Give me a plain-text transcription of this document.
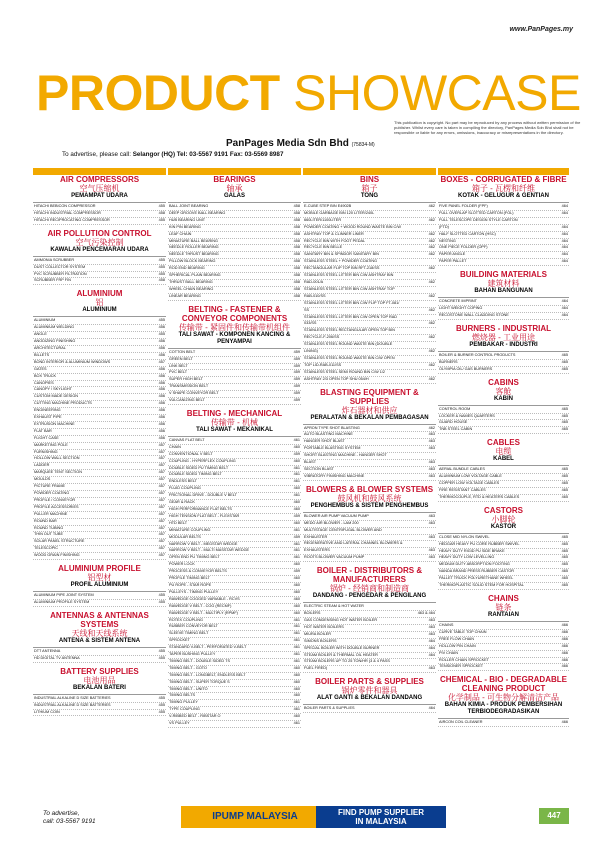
www.PanPages.my
PRODUCT SHOWCASE
PanPages Media Sdn Bhd (75834-M)
To advertise, please call: Selangor (HQ) Tel: 03-5567 9191 Fax: 03-5569 8987
This publication is copyright. No part may be reproduced by any process without written permission of the publisher. Whilst every care is taken in compiling the directory, PanPages Media Sdn Bhd shall not be responsible or liable for any errors, omissions, inaccuracy or misrepresentations in the directory.
AIR COMPRESSORS
空气压缩机
PEMAMPAT UDARA
HITACHI BEBICON COMPRESSOR	455
HITACHI INDUSTRIAL COMPRESSOR	458
HITACHI RECIPROCATING COMPRESSOR	455
AIR POLLUTION CONTROL
空气污染控制
KAWALAN PENCEMARAN UDARA
AMMONIA SCRUBBER	455
DUST COLLECTOR SYSTEM	455
PVC SCRUBBER FILTRATION	455
SCRUBBER FRP FIN	458
ALUMINIUM
铝
ALUMINIUM
ALUMINIUM	455
ALUMINIUM WELDING	456
ANGLE	455
ANODIZING FINISHING	456
ARCHITECTURAL	456
BILLETS	456
BOND INTERIOR & ALUMINIUM WINDOWS	457
GATES	456
BOX TRUCK	456
CANOPIES	456
CANOPY / SKYLIGHT	456
CUSTOM MADE DESIGN	456
CUTTING MACHINE PRODUCTS	456
ENGINEERING	456
EXHAUST PIPE	456
EXTRUSION MACHINE	456
FLAT BAR	456
FLIGHT CASE	456
MARKETING POLE	457
FURNISHING	457
HOLLOW WALL SECTION	457
LADDER	457
MARQUEE TENT SECTION	457
MOULDS	457
PICTURE FRAME	457
POWDER COATING	457
PROFILE / CONVEYOR	457
PROFILE ACCESSORIES	457
PULLER MACHINE	457
ROUND BAR	457
ROUND TUBING	457
THIN OUT TUBE	457
SOLAR PANEL STRUCTURE	457
TELESCOPIC	457
WOOD GRAIN FINISHING	457
ALUMINIUM PROFILE
铝型材
PROFIL ALUMINIUM
ALUMINIUM PIPE JOINT SYSTEM	455
ALUMINIUM PROFILE SYSTEM	455
ANTENNAS & ANTENNAS SYSTEMS
天线和天线系统
ANTENA & SISTEM ANTENA
DTT ANTENNA	455
HD DIGITAL TV ANTENNA	455
BATTERY SUPPLIES
电池用品
BEKALAN BATERI
INDUSTRIAL ALKALINE D SIZE BATTERIES	455
INDUSTRIAL ALKALINE D SIZE BATTERIES	455
LITHIUM COIN	455
BEARINGS
轴承
GALAS
BALL JOINT BEARING	458
DEEP GROOVE BALL BEARING	458
HUB BEARING UNIT	458
KIN PIN BEARING	458
LEAF CHAIN	458
MINIATURE BALL BEARING	458
NEEDLE ROLLER BEARING	458
NEEDLE THRUST BEARING	458
PILLOW BLOCK BEARING	458
ROD END BEARING	458
SPHERICAL PLAIN BEARING	458
THRUST BALL BEARING	458
WHEEL CHAIN BEARING	458
LINEAR BEARING	458
BELTING - FASTENER & CONVEYOR COMPONENTS
传输带 - 紧固件和传输带机组件
TALI SAWAT - KOMPONEN KANCING & PENYAMPAI
COTTON BELT	459
GREEN BELT	459
LINK BELT	459
PVC BELT	459
SUPER HIGH BELT	459
TRANSMISSION BELT	459
V SHAPE CONVEYOR BELT	459
VULCANIZING BELT	459
BELTING - MECHANICAL
传输带 - 机械
TALI SAWAT - MEKANIKAL
CANVAS FLAT BELT	461
CHAIN	460
CONVENTIONAL V BELT	459
COUPLING - HYPERFLEX COUPLING	460
DOUBLE SIDED PU TIMING BELT	461
DOUBLE SIDED TIMING BELT	461
ENDLESS BELT	461
FLUID COUPLING	460
FRICTIONAL DRIVE - DOUBLE V BELT	461
GEAR & RACK	460
HIGH PERFORMANCE FLAT BELTS	460
HIGH TENSION FLAT BELT - FLEXSTAR	459
HTD BELT	460
MINIATURE COUPLING	461
MODULAR BELTS	459
NARROW V BELT - MEGSTAR WEDGE	461
NARROW V BELT - MULTI MASSTAR WEDGE	461
OPEN END PU TIMING BELT	461
POWER LOCK	460
PROCESS & CONVEYOR BELTS	459
PROFILE TIMING BELT	460
PU ROPE - STAR ROPE	460
PULLEYS - TIMING PULLEY	460
RAWEDGE COGGED VARIABLE - RCVS	460
RAWEDGE V BELT - COG (RECMF)	460
RAWEDGE V BELT - MULTIPLY (RPMF)	460
ROTEX COUPLING	461
RUBBER CONVEYOR BELT	461
SLEEVE TIMING BELT	461
SPROCKET	461
STANDARD V-BELT - PERFORATED V-BELT	461
TAPER BUSHING PULLEY	461
TIMING BELT - DOUBLE SIDED TS	461
TIMING BELT - GOTO	460
TIMING BELT - LONGBELT, ENDLESS BELT	460
TIMING BELT - SUPER TORQUE S	460
TIMING BELT - UNITO	460
TIMING BELTS	460
TIMING PULLEY	461
TYPE COUPLING	461
V-RIBBED BELT - RIBSTAR O	460
VS PULLEY	461
BINS
箱子
TONG
E-CUBE STEP BIN E4902B	462
MOBILE GARBAGE BIN 120 LITER/240L
660LITER/1100LITER	462
POWDER COATING + WOOD ROUND WASTE BIN C/W
ASHTRAY TOP & CLINNER LINER	462
RECYCLE BIN WITH FOOT PEDAL	462
RECYCLE BIN BELLE	462
SANITARY BIN & SPINDOR SANITARY BIN	462
STAINLESS STEEL + POWDER COATING
RECTANGULAR FLIP TOP BIN RFT-218/SS	462
STAINLESS STEEL LITTER BIN C/W ASHTRAY BIN
RAD-001/A	462
STAINLESS STEEL LITTER BIN C/W ASHTRAY TOP
RAB-010/SS	462
STAINLESS STEEL LITTER BIN C/W FLIP TOP FT-081/
SS	462
STAINLESS STEEL LITTER BIN C/W OPEN TOP RAD
033/SS	462
STAINLESS STEEL RECTANGULAR OPEN TOP BIN
RECYCLE-F-206/SS	462
STAINLESS STEEL ROUND WASTE BIN (DOUBLE
LINING)	462
STAINLESS STEEL ROUND WASTE BIN C/W OPEN
TOP LID-RAB-011/SS	462
STAINLESS STEEL SEMI ROUND BIN C/W 1/2
ASHTRAY 2/3 OPEN TOP SHU 054/H	462
BLASTING EQUIPMENT & SUPPLIES
炸石器材和供应
PERALATAN & BEKALAN PEMBAGASAN
APRON TYPE SHOT BLASTING	462
AUTO BLASTING MACHINE	463
HANGER SHOT BLAST	463
PORTABLE BLASTING SYSTEM	463
SHORT BLASTING MACHINE - HANGER SHOT
BLAST	463
SECTION BLAST	463
VIBRATORY FINISHING MACHINE	463
BLOWERS & BLOWER SYSTEMS
鼓风机和鼓风系统
PENGHEMBUS & SISTEM PENGHEMBUS
BLOWER AIR PUMP VACUUM PUMP	463
MEDO AIR BLOWER - LAM 200	463
MULTISTAGE CENTRIFUGAL BLOWER AND
EXHAUSTER	463
REGENERATIVE AND LATERAL CHANNEL BLOWERS &
EXHAUSTERS	463
ROOTS BLOWER VACUUM PUMP	463
BOILER - DISTRIBUTORS & MANUFACTURERS
锅炉 - 经销商和制造商
DANDANG - PENGEDAR & PENGILANG
ELECTRIC STEAM & HOT WATER
BOILERS	463 & 464
GAS CONDENSING HOT WATER BOILER	463
HOT WATER BOILERS	463
MIURA BOILER	463
SIMONS BOILERS	464
SPECIAL BOILER WITH DOUBLE BURNER	464
STEAM BOILER & THERMAL OIL HEATER	464
STEAM BOILERS UP TO 25 TON/HR (3 & 4 PASS
FUEL FIRED)	463
BOILER PARTS & SUPPLIES
锅炉零件和器具
ALAT GANTI & BEKALAN DANDANG
BOILER PARTS & SUPPLIES	464
BOXES - CORRUGATED & FIBRE
箱子 - 瓦楞和纤维
KOTAK - GELUGUR & GENTIAN
FIVE PANEL FOLDER (FPF)	464
FULL OVERLAP SLOTTED CARTON (FOL)	464
FULL TELESCOPE DESIGN STYLE CARTON
(FTD)	464
HALF SLOTTED CARTON (HSC)	464
NESTING	464
ONE PIECE FOLDER (OPF)	464
PAPER ANGLE	464
PAPER PALLET	464
BUILDING MATERIALS
建筑材料
BAHAN BANGUNAN
CONCRETE IMPRINT	464
LIGHT WEIGHT COPING	464
RECOSTONE WALL CLADDING STONE	464
BURNERS - INDUSTRIAL
燃烧器 - 工业用途
PEMBAKAR - INDUSTRI
BOILER & BURNER CONTROL PRODUCTS	465
BURNERS	465
OLYMPIA OIL/ GAS BURNERS	465
CABINS
客舱
KABIN
CONTROL ROOM	465
LOCKER & NAMES QUARTERS	465
GUARD HOUSE	465
TNB STEEL CABIN	465
CABLES
电缆
KABEL
AERIAL BUNDLE CABLES	465
ALUMINIUM LOW VOLTAGE CABLE	465
COPPER LOW VOLTAGE CABLES	465
FIRE RESISTANT CABLES	465
THERMOCOUPLE, RTD & HEATERS CABLES	465
CASTORS
小脚轮
KASTOR
CLOSE MID NYLON SWIVEL	465
HEDGAR HEAVY PU CORE RUBBER SWIVEL	465
HEAVY DUTY RIGID PU SIDE BRAKE	465
HEAVY DUTY LOW LEVELLING	465
MEDIUM DUTY ABSORPTION FOOTING	465
NANDA BRAND PRESS RUBBER CASTOR	465
PALLET TRUCK POLYURETHANE WHEEL	465
THERMOPLASTIC SOLID STEM FOR HOSPITAL	465
CHAINS
链条
RANTAIAN
CHAINS	466
CURVE TABLE TOP CHAIN	466
FREE FLOW CHAIN	466
HOLLOW PIN CHAIN	466
PIV CHAIN	466
ROLLER CHAIN SPROCKET	466
TENSIONER SPROCKET	466
CHEMICAL - BIO - DEGRADABLE CLEANING PRODUCT
化学制品 - 可生物分解清洁产品
BAHAN KIMIA - PRODUK PEMBERSIHAN TERBIODEGRADASIKAN
AIRCON COIL CLEANER	466
To advertise,
call: 03-5567 9191	IPUMP MALAYSIA	FIND PUMP SUPPLIER
IN MALAYSIA
447
